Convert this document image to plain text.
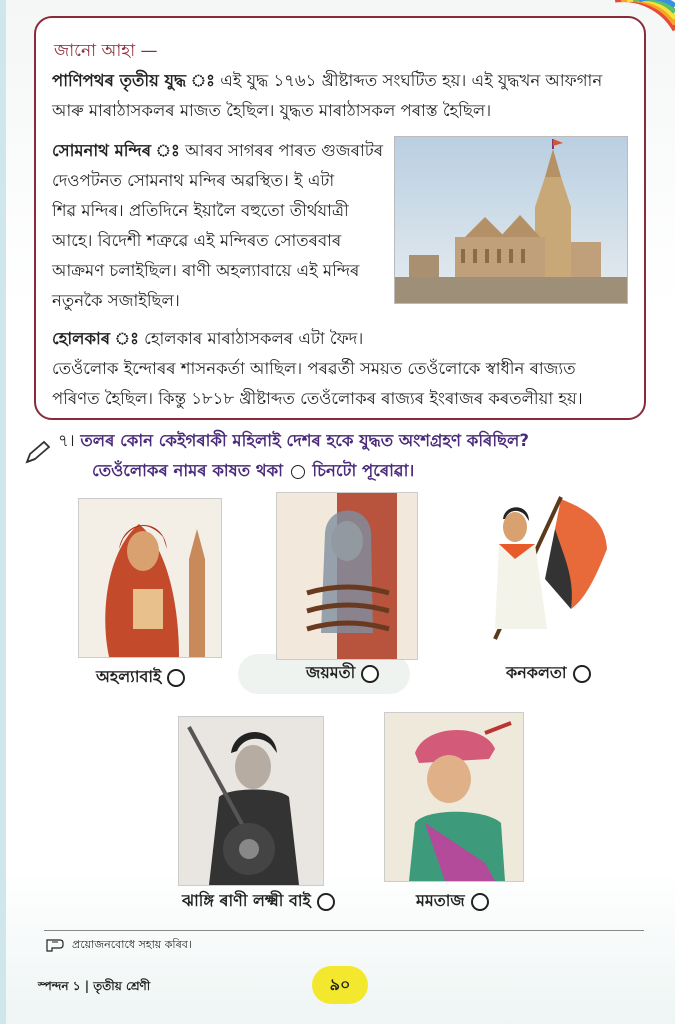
জানো আহা —
পাণিপথৰ তৃতীয় যুদ্ধ ঃ এই যুদ্ধ ১৭৬১ খ্ৰীষ্টাব্দত সংঘটিত হয়। এই যুদ্ধখন আফগান
আৰু মাৰাঠাসকলৰ মাজত হৈছিল। যুদ্ধত মাৰাঠাসকল পৰাস্ত হৈছিল।
সোমনাথ মন্দিৰ ঃ আৰব সাগৰৰ পাৰত গুজৰাটৰ
দেওপটনত সোমনাথ মন্দিৰ অৱস্থিত। ই এটা
শিৱ মন্দিৰ। প্ৰতিদিনে ইয়ালৈ বহুতো তীৰ্থযাত্ৰী
আহে। বিদেশী শত্ৰুৱে এই মন্দিৰত সোতৰবাৰ
আক্ৰমণ চলাইছিল। ৰাণী অহল্যাবায়ে এই মন্দিৰ
নতুনকৈ সজাইছিল।
হোলকাৰ ঃ হোলকাৰ মাৰাঠাসকলৰ এটা ফৈদ।
তেওঁলোক ইন্দোৰৰ শাসনকৰ্তা আছিল। পৰৱৰ্তী সময়ত তেওঁলোকে স্বাধীন ৰাজ্যত
পৰিণত হৈছিল। কিন্তু ১৮১৮ খ্ৰীষ্টাব্দত তেওঁলোকৰ ৰাজ্যৰ ইংৰাজৰ কৰতলীয়া হয়।
৭। তলৰ কোন কেইগৰাকী মহিলাই দেশৰ হকে যুদ্ধত অংশগ্ৰহণ কৰিছিল?
তেওঁলোকৰ নামৰ কাষত থকা চিনটো পূৰোৱা।
অহল্যাবাই	জয়মতী	কনকলতা
ঝাঙ্গি ৰাণী লক্ষ্মী বাই	মমতাজ
প্ৰয়োজনবোধে সহায় কৰিব।
স্পন্দন ১ | তৃতীয় শ্ৰেণী	৯০
